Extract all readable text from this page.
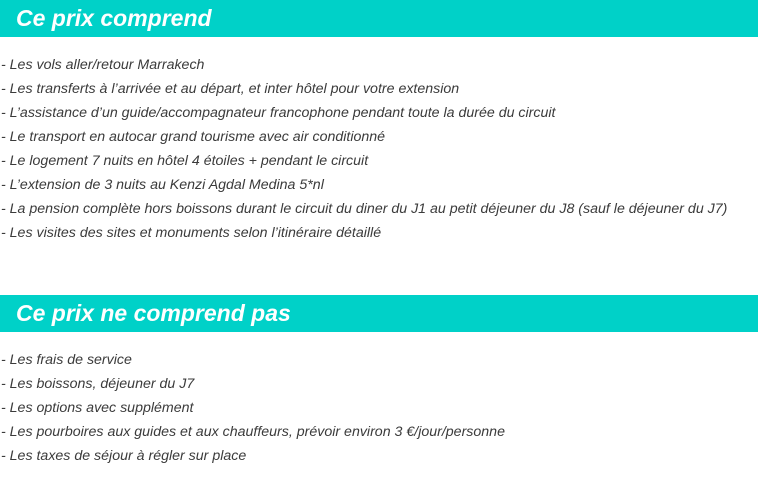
Ce prix comprend
- Les vols aller/retour Marrakech
- Les transferts à l’arrivée et au départ, et inter hôtel pour votre extension
- L’assistance d’un guide/accompagnateur francophone pendant toute la durée du circuit
- Le transport en autocar grand tourisme avec air conditionné
- Le logement 7 nuits en hôtel 4 étoiles + pendant le circuit
- L’extension de 3 nuits au Kenzi Agdal Medina 5*nl
- La pension complète hors boissons durant le circuit du diner du J1 au petit déjeuner du J8 (sauf le déjeuner du J7)
- Les visites des sites et monuments selon l’itinéraire détaillé
Ce prix ne comprend pas
- Les frais de service
- Les boissons, déjeuner du J7
- Les options avec supplément
- Les pourboires aux guides et aux chauffeurs, prévoir environ 3 €/jour/personne
- Les taxes de séjour à régler sur place
